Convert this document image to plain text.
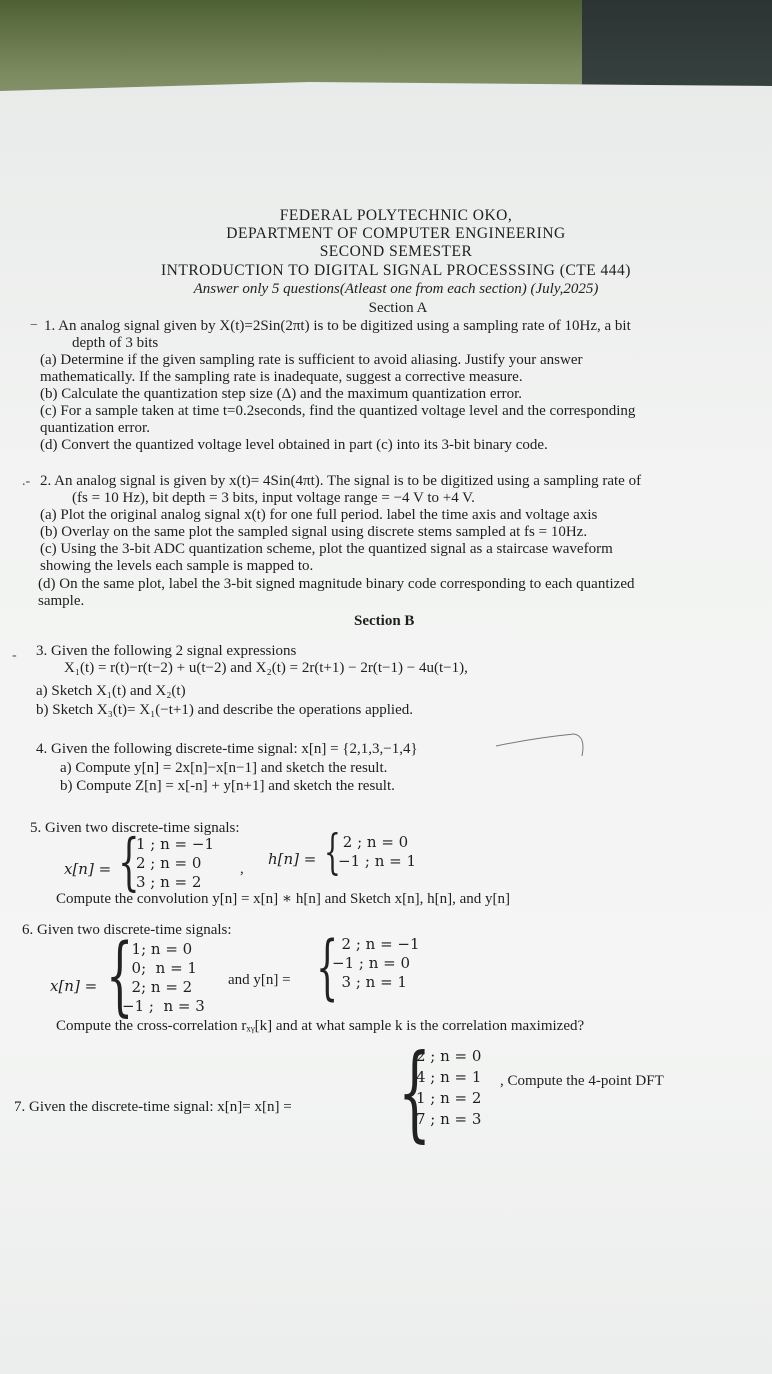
FEDERAL POLYTECHNIC OKO,
DEPARTMENT OF COMPUTER ENGINEERING
SECOND SEMESTER
INTRODUCTION TO DIGITAL SIGNAL PROCESSSING (CTE 444)
Answer only 5 questions(Atleast one from each section) (July,2025)
Section A
− 1. An analog signal given by X(t)=2Sin(2πt) is to be digitized using a sampling rate of 10Hz, a bit
depth of 3 bits
(a) Determine if the given sampling rate is sufficient to avoid aliasing. Justify your answer
mathematically. If the sampling rate is inadequate, suggest a corrective measure.
(b) Calculate the quantization step size (Δ) and the maximum quantization error.
(c) For a sample taken at time t=0.2seconds, find the quantized voltage level and the corresponding
quantization error.
(d) Convert the quantized voltage level obtained in part (c) into its 3-bit binary code.
.- 2. An analog signal is given by x(t)= 4Sin(4πt). The signal is to be digitized using a sampling rate of
(fs = 10 Hz), bit depth = 3 bits, input voltage range = −4 V to +4 V.
(a) Plot the original analog signal x(t) for one full period. label the time axis and voltage axis
(b) Overlay on the same plot the sampled signal using discrete stems sampled at fs = 10Hz.
(c) Using the 3-bit ADC quantization scheme, plot the quantized signal as a staircase waveform
showing the levels each sample is mapped to.
(d) On the same plot, label the 3-bit signed magnitude binary code corresponding to each quantized
sample.
Section B
- 3. Given the following 2 signal expressions
X₁(t) = r(t)−r(t−2) + u(t−2) and X₂(t) = 2r(t+1) − 2r(t−1) − 4u(t−1),
a) Sketch X₁(t) and X₂(t)
b) Sketch X₃(t)= X₁(−t+1) and describe the operations applied.
4. Given the following discrete-time signal: x[n] = {2,1,3,−1,4}
a) Compute y[n] = 2x[n]−x[n−1] and sketch the result.
b) Compute Z[n] = x[-n] + y[n+1] and sketch the result.
5. Given two discrete-time signals:
x[n] = {
1 ; n = −1
2 ; n = 0
3 ; n = 2
,
h[n] = { 2 ; n = 0
−1 ; n = 1
Compute the convolution y[n] = x[n] ∗ h[n] and Sketch x[n], h[n], and y[n]
6. Given two discrete-time signals:
x[n] = {
1; n = 0
0;  n = 1
2; n = 2
−1 ;  n = 3
and y[n] = { 2 ; n = −1
−1 ; n = 0
3 ; n = 1
Compute the cross-correlation rₓᵧ[k] and at what sample k is the correlation maximized?
7. Given the discrete-time signal: x[n]= x[n] = {
2 ; n = 0
4 ; n = 1
1 ; n = 2
7 ; n = 3
, Compute the 4-point DFT
